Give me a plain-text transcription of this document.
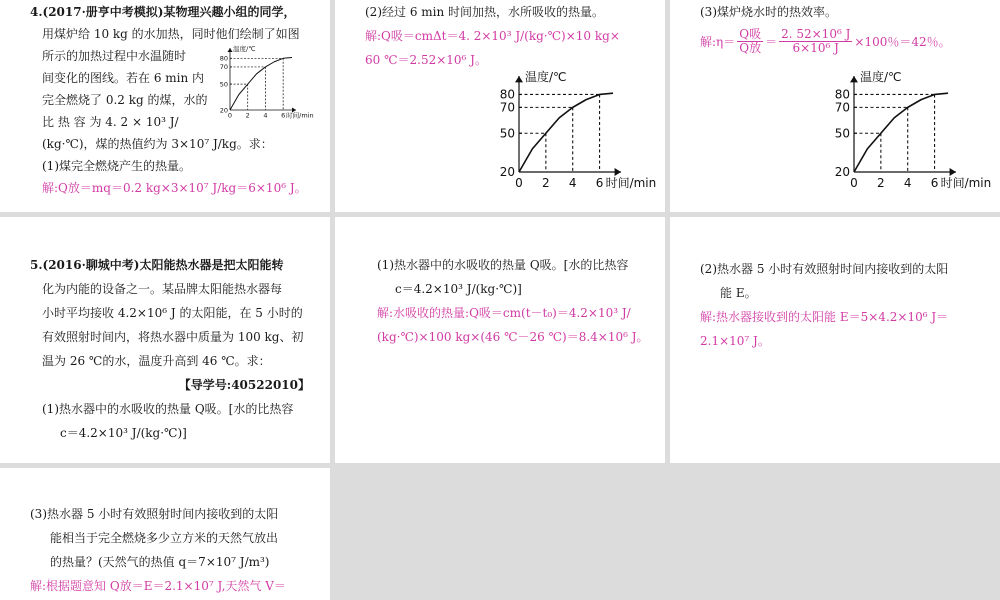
4.(2017·册亨中考模拟)某物理兴趣小组的同学，
用煤炉给 10 kg 的水加热，同时他们绘制了如图
所示的加热过程中水温随时
间变化的图线。若在 6 min 内
完全燃烧了 0.2 kg 的煤，水的
比 热 容 为 4. 2 × 10³ J/
(kg·℃)，煤的热值约为 3×10⁷ J/kg。求：
(1)煤完全燃烧产生的热量。
解:Q放＝mq＝0.2 kg×3×10⁷ J/kg＝6×10⁶ J。
温度/℃
20
50
70
80
0 2 4 6 时间/min
(2)经过 6 min 时间加热，水所吸收的热量。
解:Q吸＝cmΔt＝4. 2×10³ J/(kg·℃)×10 kg×
60 ℃＝2.52×10⁶ J。
温度/℃
20
50
70
80
0 2 4 6 时间/min
(3)煤炉烧水时的热效率。
解:η＝
Q吸
Q放 ＝ $\frac{\text{2. 52×10⁶ J}}{\text{6×10⁶ J}} \times 100$％＝42％。
温度/℃
20
50
70
80
0 2 4 6 时间/min
5.(2016·聊城中考)太阳能热水器是把太阳能转
化为内能的设备之一。某品牌太阳能热水器每
小时平均接收 4.2×10⁶ J 的太阳能，在 5 小时的
有效照射时间内，将热水器中质量为 100 kg、初
温为 26 ℃的水，温度升高到 46 ℃。求：
【导学号:40522010】
(1)热水器中的水吸收的热量 Q吸。[水的比热容
c＝4.2×10³ J/(kg·℃)]
(1)热水器中的水吸收的热量 Q吸。[水的比热容
c＝4.2×10³ J/(kg·℃)]
解:水吸收的热量:Q吸＝cm(t－t₀)＝4.2×10³ J/
(kg·℃)×100 kg×(46 ℃－26 ℃)＝8.4×10⁶ J。
(2)热水器 5 小时有效照射时间内接收到的太阳
能 E。
解:热水器接收到的太阳能 E＝5×4.2×10⁶ J＝
2.1×10⁷ J。
(3)热水器 5 小时有效照射时间内接收到的太阳
能相当于完全燃烧多少立方米的天然气放出
的热量？(天然气的热值 q＝7×10⁷ J/m³)
解:根据题意知 Q放＝E＝2.1×10⁷ J,天然气 V＝
